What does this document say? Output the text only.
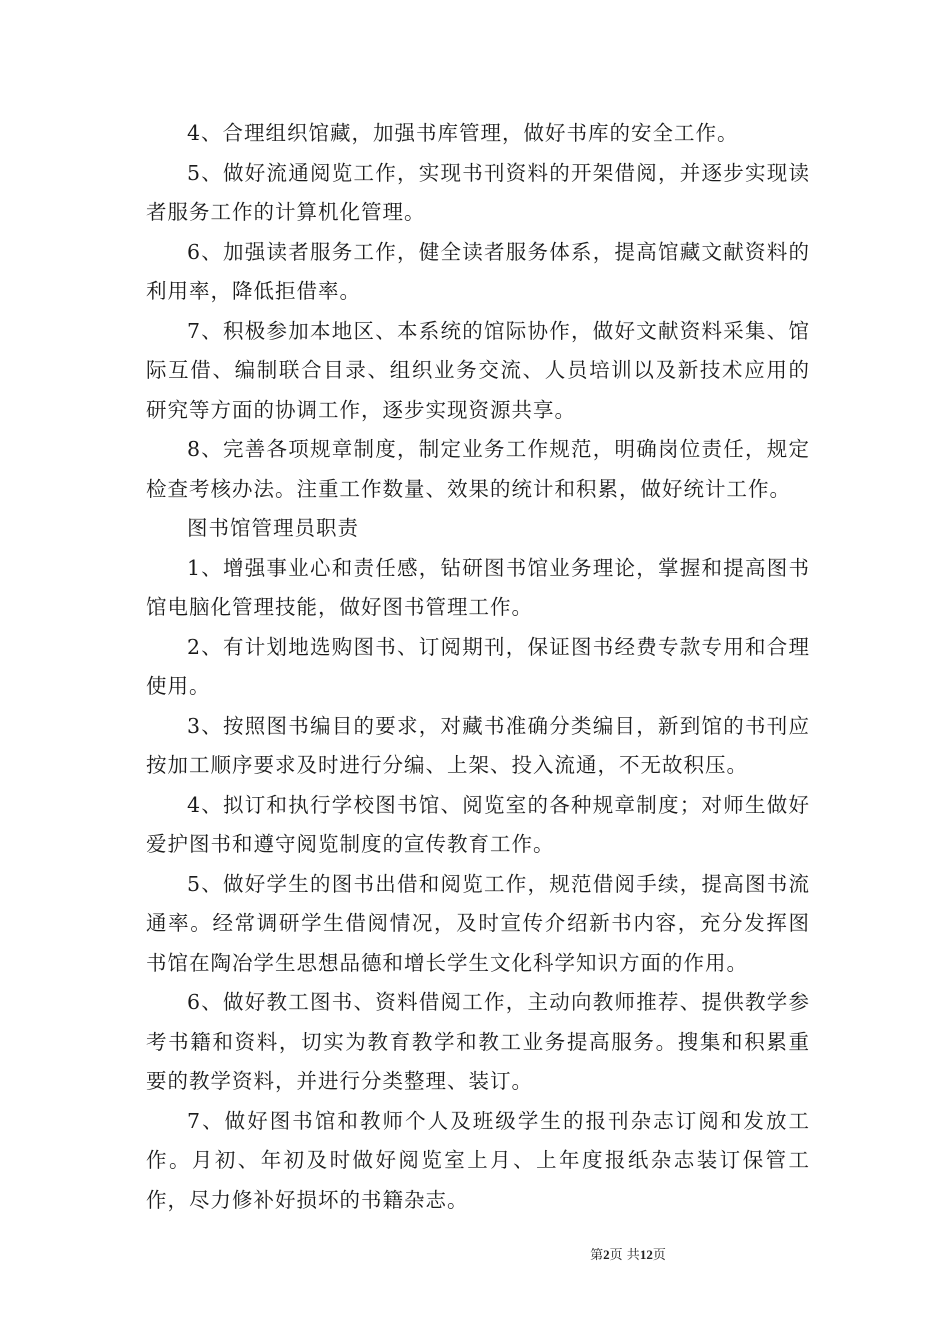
4、合理组织馆藏，加强书库管理，做好书库的安全工作。

5、做好流通阅览工作，实现书刊资料的开架借阅，并逐步实现读者服务工作的计算机化管理。

6、加强读者服务工作，健全读者服务体系，提高馆藏文献资料的利用率，降低拒借率。

7、积极参加本地区、本系统的馆际协作，做好文献资料采集、馆际互借、编制联合目录、组织业务交流、人员培训以及新技术应用的研究等方面的协调工作，逐步实现资源共享。

8、完善各项规章制度，制定业务工作规范，明确岗位责任，规定检查考核办法。注重工作数量、效果的统计和积累，做好统计工作。

图书馆管理员职责

1、增强事业心和责任感，钻研图书馆业务理论，掌握和提高图书馆电脑化管理技能，做好图书管理工作。

2、有计划地选购图书、订阅期刊，保证图书经费专款专用和合理使用。

3、按照图书编目的要求，对藏书准确分类编目，新到馆的书刊应按加工顺序要求及时进行分编、上架、投入流通，不无故积压。

4、拟订和执行学校图书馆、阅览室的各种规章制度；对师生做好爱护图书和遵守阅览制度的宣传教育工作。

5、做好学生的图书出借和阅览工作，规范借阅手续，提高图书流通率。经常调研学生借阅情况，及时宣传介绍新书内容，充分发挥图书馆在陶冶学生思想品德和增长学生文化科学知识方面的作用。

6、做好教工图书、资料借阅工作，主动向教师推荐、提供教学参考书籍和资料，切实为教育教学和教工业务提高服务。搜集和积累重要的教学资料，并进行分类整理、装订。

7、做好图书馆和教师个人及班级学生的报刊杂志订阅和发放工作。月初、年初及时做好阅览室上月、上年度报纸杂志装订保管工作，尽力修补好损坏的书籍杂志。

第2页 共12页
